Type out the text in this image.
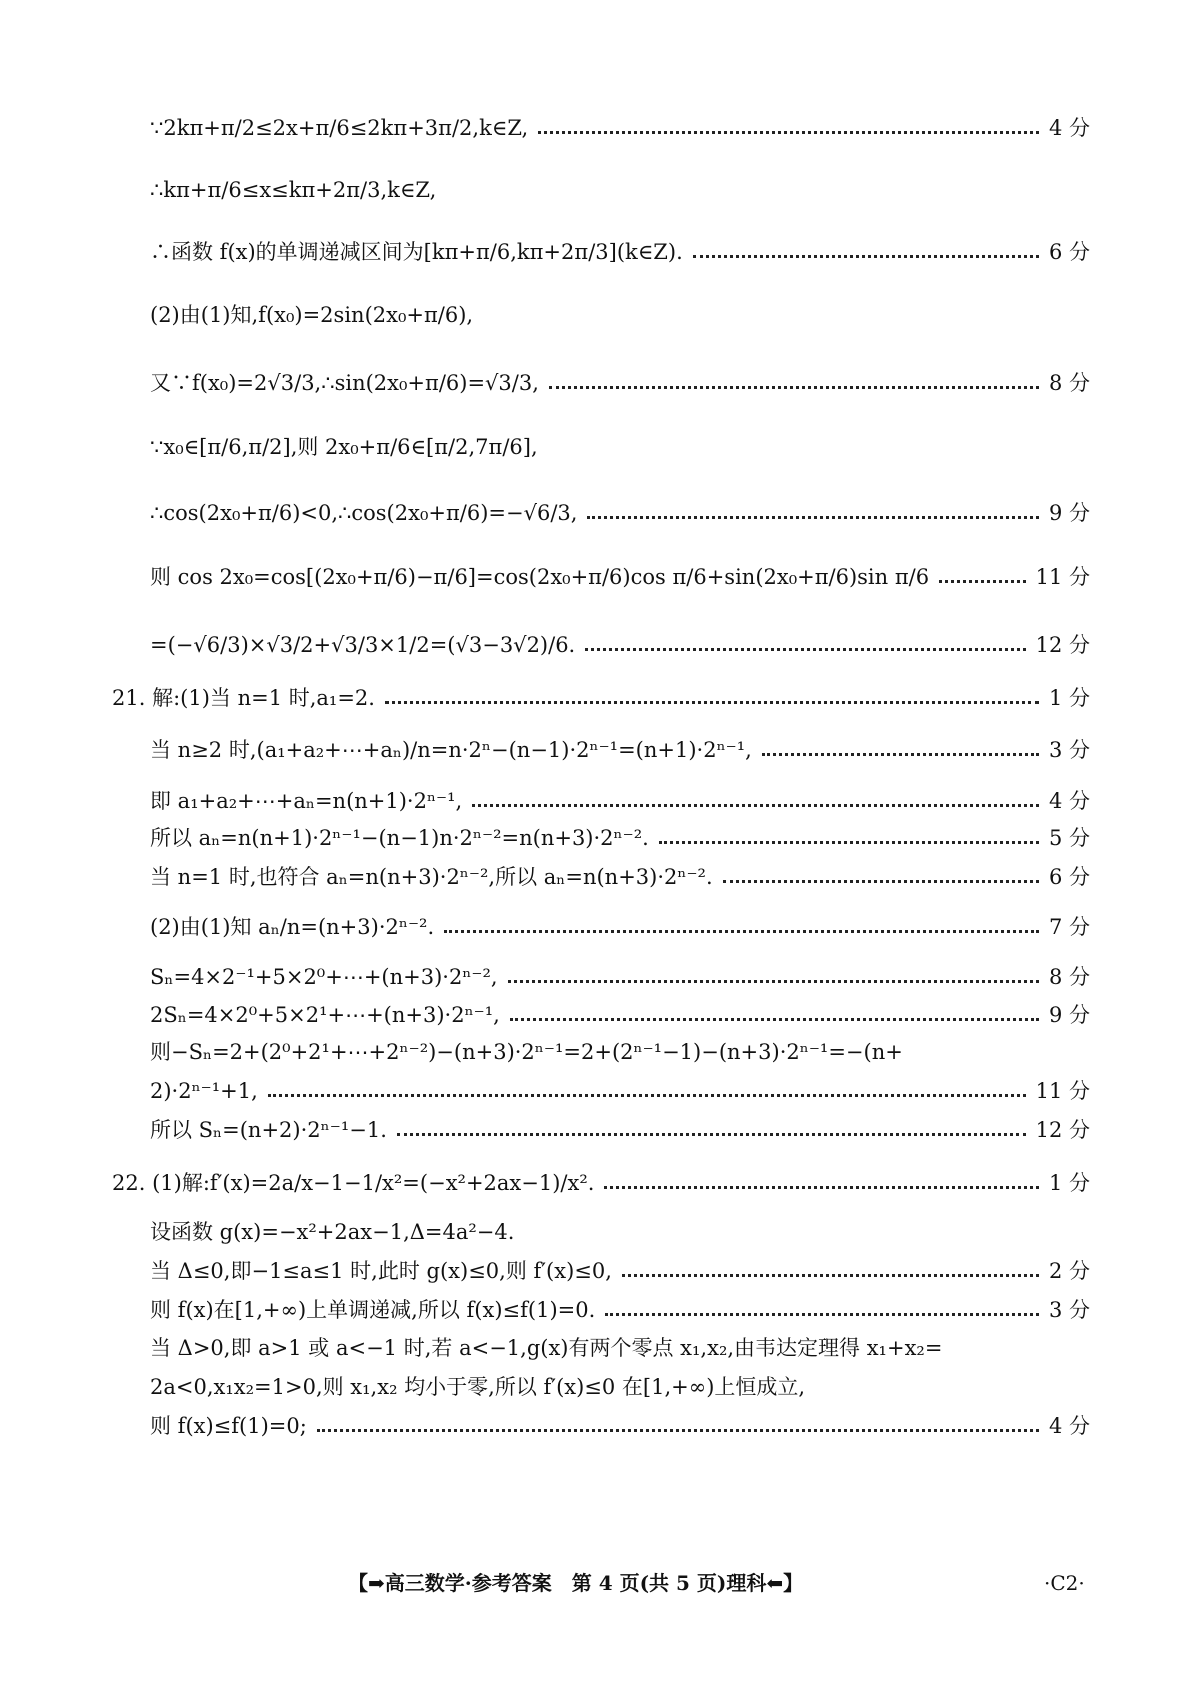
∵2kπ+π/2≤2x+π/6≤2kπ+3π/2,k∈Z,	4 分
∴kπ+π/6≤x≤kπ+2π/3,k∈Z,
∴函数 f(x)的单调递减区间为[kπ+π/6,kπ+2π/3](k∈Z).	6 分
(2)由(1)知,f(x₀)=2sin(2x₀+π/6),
又∵f(x₀)=2√3/3,∴sin(2x₀+π/6)=√3/3,	8 分
∵x₀∈[π/6,π/2],则 2x₀+π/6∈[π/2,7π/6],
∴cos(2x₀+π/6)<0,∴cos(2x₀+π/6)=−√6/3,	9 分
则 cos 2x₀=cos[(2x₀+π/6)−π/6]=cos(2x₀+π/6)cos π/6+sin(2x₀+π/6)sin π/6	11 分
=(−√6/3)×√3/2+√3/3×1/2=(√3−3√2)/6.	12 分
21. 解:(1)当 n=1 时,a₁=2.	1 分
当 n≥2 时,(a₁+a₂+⋯+aₙ)/n=n·2ⁿ−(n−1)·2ⁿ⁻¹=(n+1)·2ⁿ⁻¹,	3 分
即 a₁+a₂+⋯+aₙ=n(n+1)·2ⁿ⁻¹,	4 分
所以 aₙ=n(n+1)·2ⁿ⁻¹−(n−1)n·2ⁿ⁻²=n(n+3)·2ⁿ⁻².	5 分
当 n=1 时,也符合 aₙ=n(n+3)·2ⁿ⁻²,所以 aₙ=n(n+3)·2ⁿ⁻².	6 分
(2)由(1)知 aₙ/n=(n+3)·2ⁿ⁻².	7 分
Sₙ=4×2⁻¹+5×2⁰+⋯+(n+3)·2ⁿ⁻²,	8 分
2Sₙ=4×2⁰+5×2¹+⋯+(n+3)·2ⁿ⁻¹,	9 分
则−Sₙ=2+(2⁰+2¹+⋯+2ⁿ⁻²)−(n+3)·2ⁿ⁻¹=2+(2ⁿ⁻¹−1)−(n+3)·2ⁿ⁻¹=−(n+
2)·2ⁿ⁻¹+1,	11 分
所以 Sₙ=(n+2)·2ⁿ⁻¹−1.	12 分
22. (1)解:f′(x)=2a/x−1−1/x²=(−x²+2ax−1)/x².	1 分
设函数 g(x)=−x²+2ax−1,Δ=4a²−4.
当 Δ≤0,即−1≤a≤1 时,此时 g(x)≤0,则 f′(x)≤0,	2 分
则 f(x)在[1,+∞)上单调递减,所以 f(x)≤f(1)=0.	3 分
当 Δ>0,即 a>1 或 a<−1 时,若 a<−1,g(x)有两个零点 x₁,x₂,由韦达定理得 x₁+x₂=
2a<0,x₁x₂=1>0,则 x₁,x₂ 均小于零,所以 f′(x)≤0 在[1,+∞)上恒成立,
则 f(x)≤f(1)=0;	4 分
【➡高三数学·参考答案　第 4 页(共 5 页)理科⬅】	·C2·
